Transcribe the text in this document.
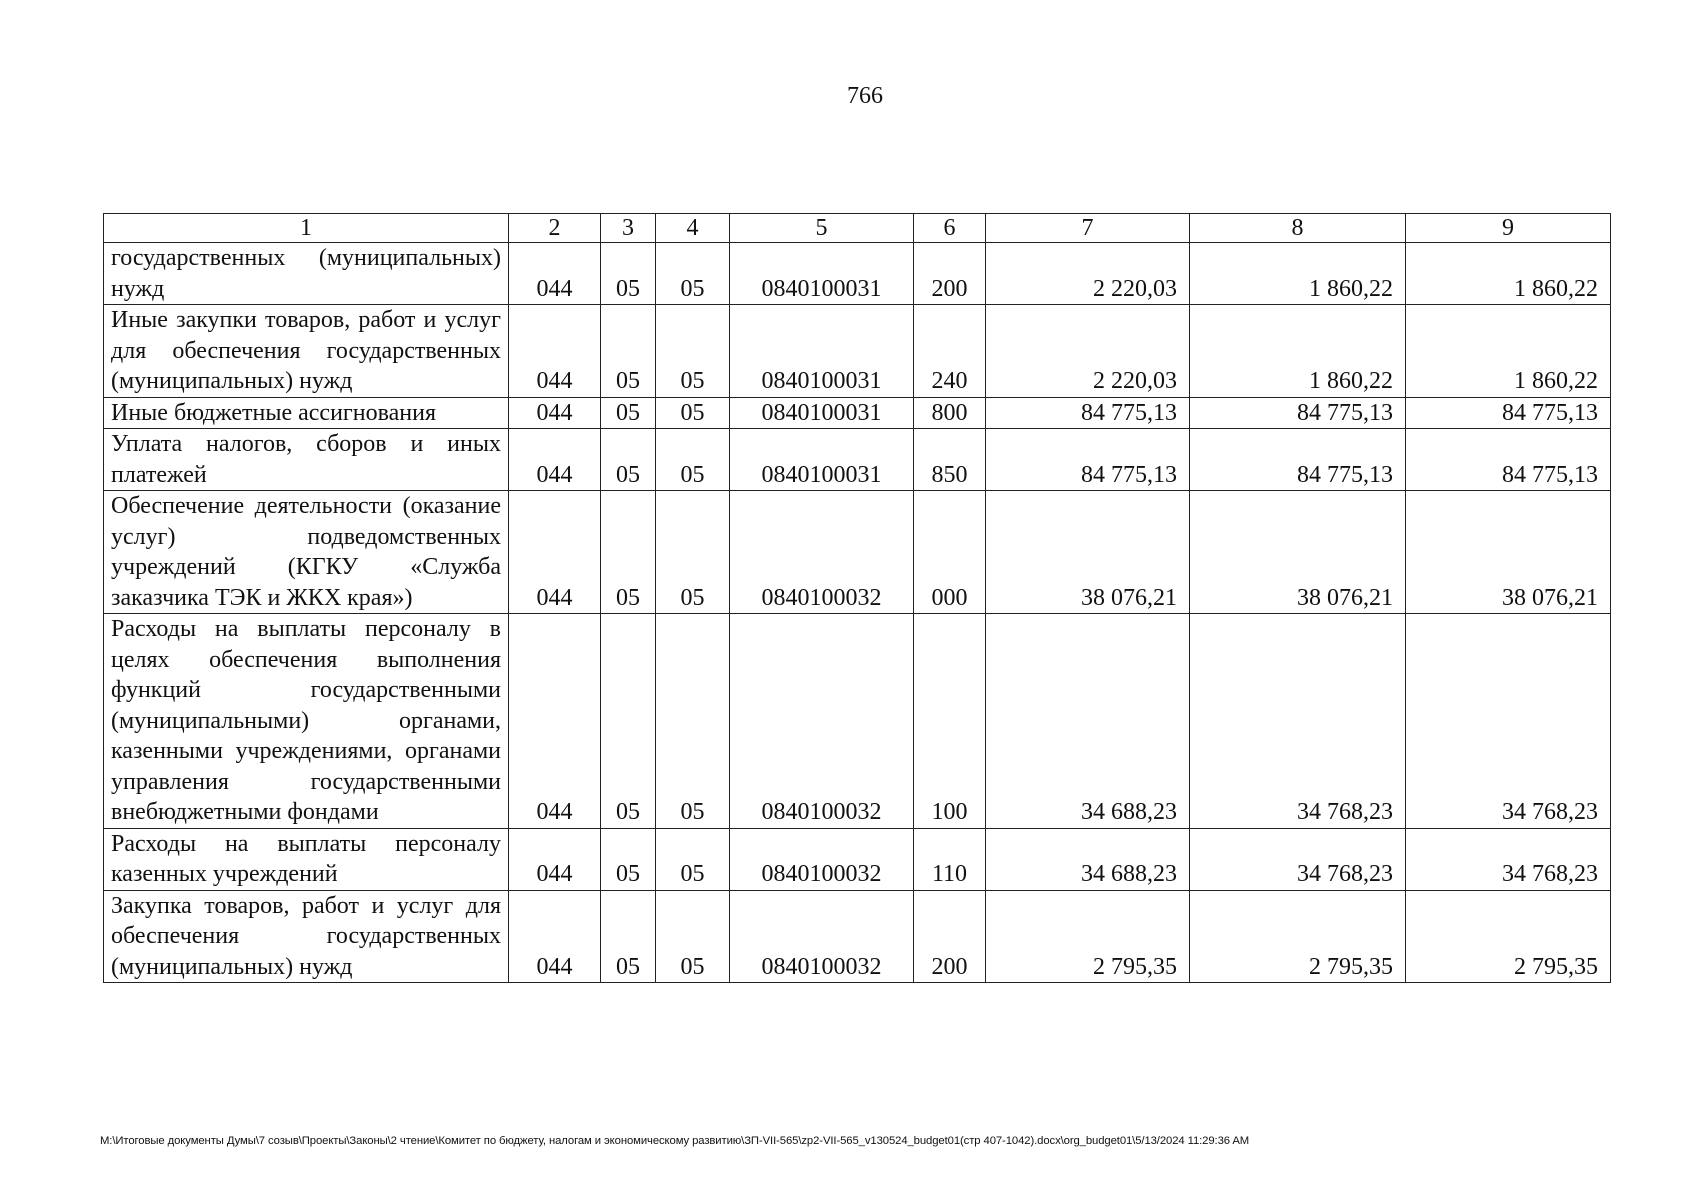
766
1	2	3	4	5	6	7	8	9
государственных (муниципальных) нужд	044	05	05	0840100031	200	2 220,03	1 860,22	1 860,22
Иные закупки товаров, работ и услуг для обеспечения государственных (муниципальных) нужд	044	05	05	0840100031	240	2 220,03	1 860,22	1 860,22
Иные бюджетные ассигнования	044	05	05	0840100031	800	84 775,13	84 775,13	84 775,13
Уплата налогов, сборов и иных платежей	044	05	05	0840100031	850	84 775,13	84 775,13	84 775,13
Обеспечение деятельности (оказание услуг) подведомственных учреждений (КГКУ «Служба заказчика ТЭК и ЖКХ края»)	044	05	05	0840100032	000	38 076,21	38 076,21	38 076,21
Расходы на выплаты персоналу в целях обеспечения выполнения функций государственными (муниципальными) органами, казенными учреждениями, органами управления государственными внебюджетными фондами	044	05	05	0840100032	100	34 688,23	34 768,23	34 768,23
Расходы на выплаты персоналу казенных учреждений	044	05	05	0840100032	110	34 688,23	34 768,23	34 768,23
Закупка товаров, работ и услуг для обеспечения государственных (муниципальных) нужд	044	05	05	0840100032	200	2 795,35	2 795,35	2 795,35
M:\Итоговые документы Думы\7 созыв\Проекты\Законы\2 чтение\Комитет по бюджету, налогам и экономическому развитию\ЗП-VII-565\zp2-VII-565_v130524_budget01(стр 407-1042).docx\org_budget01\5/13/2024 11:29:36 AM
